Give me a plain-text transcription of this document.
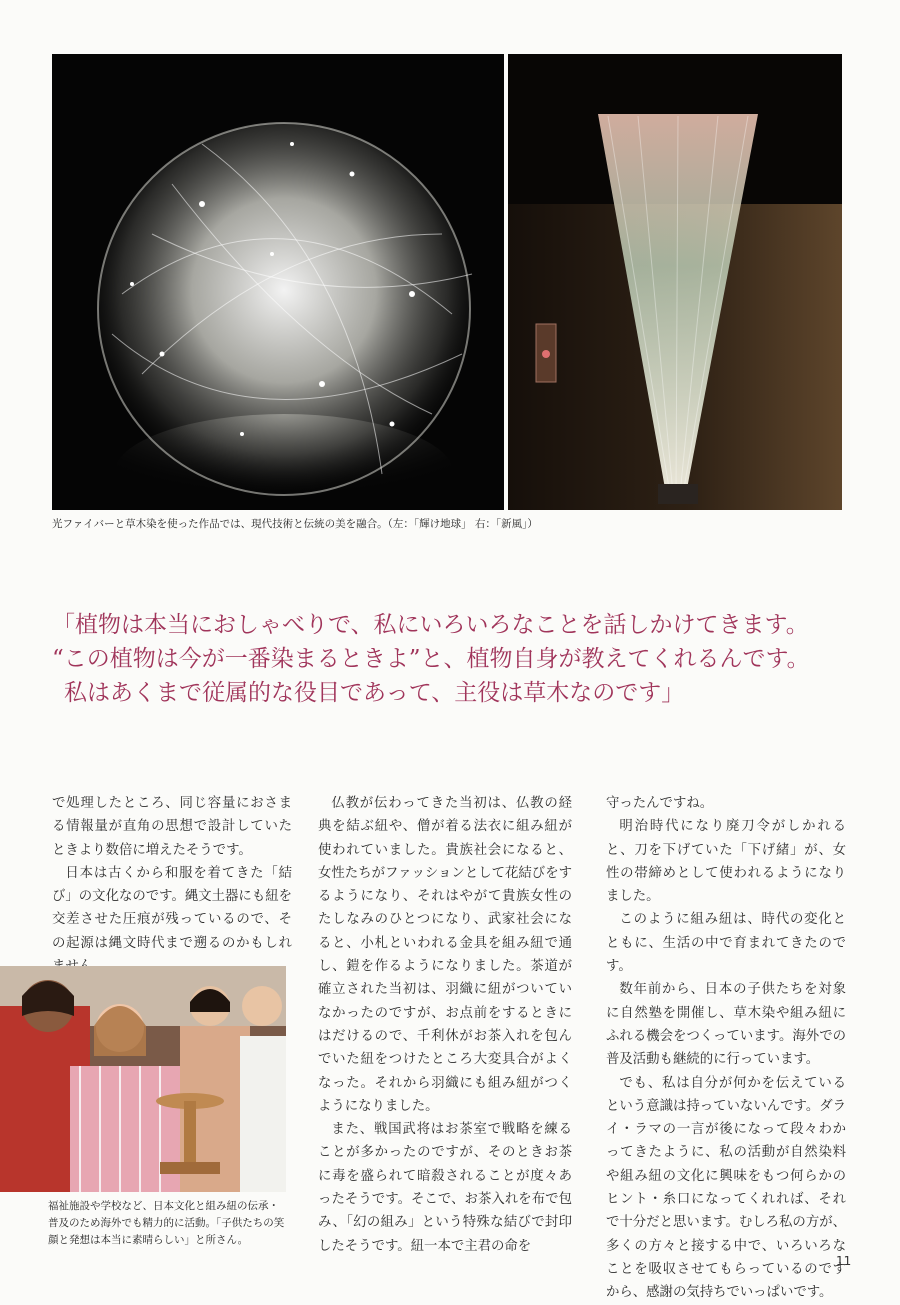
光ファイバーと草木染を使った作品では、現代技術と伝統の美を融合。（左：「輝け地球」 右：「新風」）
「植物は本当におしゃべりで、私にいろいろなことを話しかけてきます。
“この植物は今が一番染まるときよ”と、植物自身が教えてくれるんです。
私はあくまで従属的な役目であって、主役は草木なのです」

で処理したところ、同じ容量におさまる情報量が直角の思想で設計していたときより数倍に増えたそうです。

日本は古くから和服を着てきた「結び」の文化なのです。縄文土器にも紐を交差させた圧痕が残っているので、その起源は縄文時代まで遡るのかもしれ

福祉施設や学校など、日本文化と組み紐の伝承・普及のため海外でも精力的に活動。「子供たちの笑顔と発想は本当に素晴らしい」と所さん。

仏教が伝わってきた当初は、仏教の経典を結ぶ紐や、僧が着る法衣に組み紐が使われていました。貴族社会になると、女性たちがファッションとして花結びをするようになり、それはやがて貴族女性のたしなみのひとつになり、武家社会になると、小札といわれる金具を組み紐で通し、鎧を作るようになりました。茶道が確立された当初は、羽織に紐がついていなかったのですが、お点前をするときにはだけるので、千利休がお茶入れを包んでいた紐をつけたところ大変具合がよくなった。それから羽織にも組み紐がつくようになりました。

また、戦国武将はお茶室で戦略を練ることが多かったのですが、そのときお茶に毒を盛られて暗殺されることが度々あったそうです。そこで、お茶入れを布で包み、「幻の組み」という特殊な結びで封印したそうです。紐一本で主君の命を

守ったんですね。

明治時代になり廃刀令がしかれると、刀を下げていた「下げ緒」が、女性の帯締めとして使われるようになりました。

このように組み紐は、時代の変化とともに、生活の中で育まれてきたのです。

数年前から、日本の子供たちを対象に自然塾を開催し、草木染や組み紐にふれる機会をつくっています。海外での普及活動も継続的に行っています。

でも、私は自分が何かを伝えているという意識は持っていないんです。ダライ・ラマの一言が後になって段々わかってきたように、私の活動が自然染料や組み紐の文化に興味をもつ何らかのヒント・糸口になってくれれば、それで十分だと思います。むしろ私の方が、多くの方々と接する中で、いろいろなことを吸収させてもらっているのですから、感謝の気持ちでいっぱいです。

11
